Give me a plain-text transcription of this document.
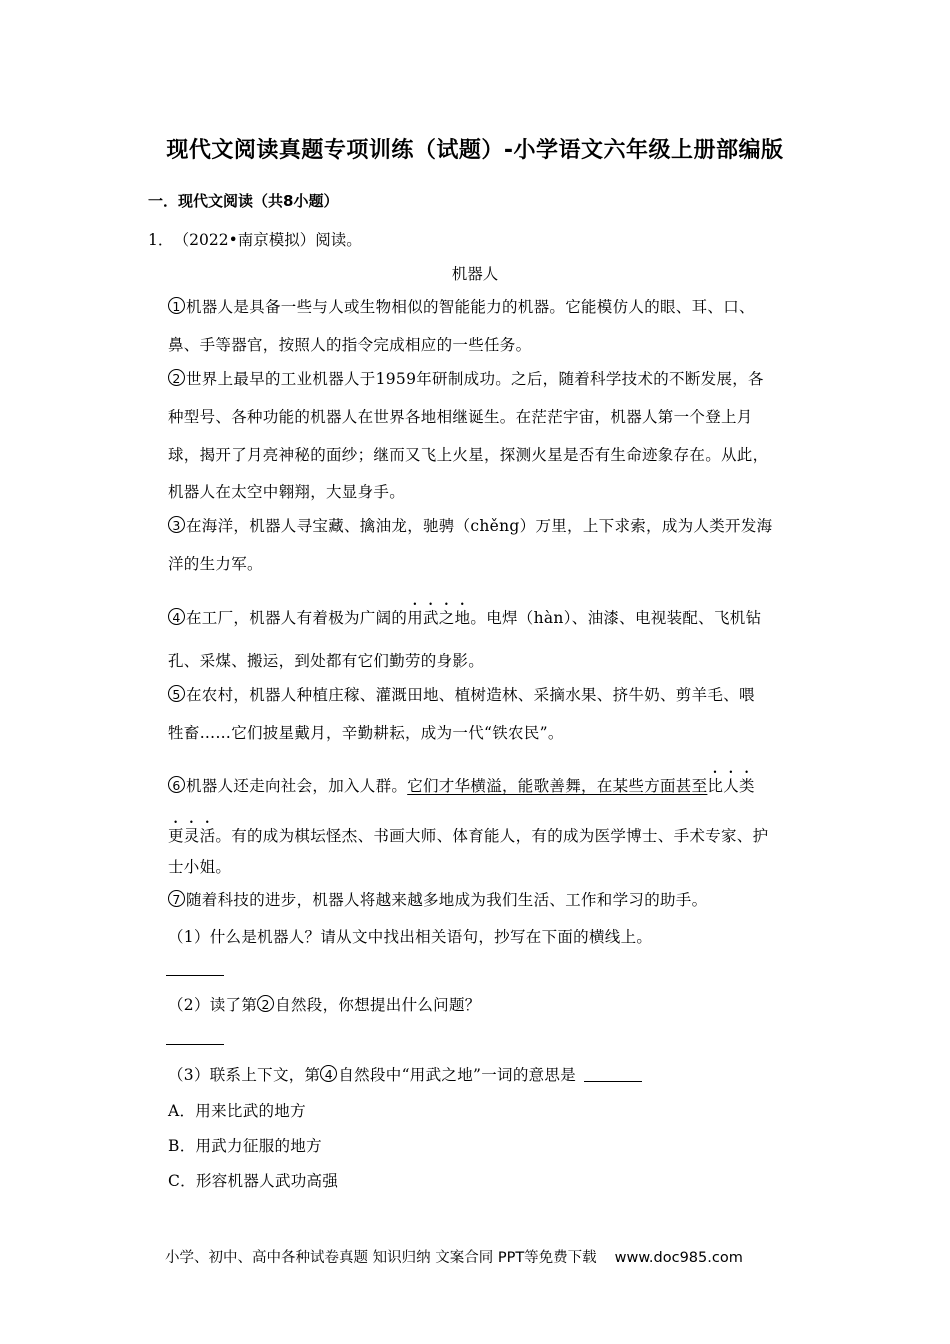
现代文阅读真题专项训练（试题）-小学语文六年级上册部编版
一．现代文阅读（共8小题）
1． （2022•南京模拟）阅读。
机器人
1 机器人是具备一些与人或生物相似的智能能力的机器。它能模仿人的眼、耳、口、
鼻、手等器官，按照人的指令完成相应的一些任务。
2 世界上最早的工业机器人于1959年研制成功。之后，随着科学技术的不断发展，各
种型号、各种功能的机器人在世界各地相继诞生。在茫茫宇宙，机器人第一个登上月
球，揭开了月亮神秘的面纱；继而又飞上火星，探测火星是否有生命迹象存在。从此，
机器人在太空中翱翔，大显身手。
3 在海洋，机器人寻宝藏、擒油龙，驰骋（chěng）万里，上下求索，成为人类开发海
洋的生力军。
4 在工厂，机器人有着极为广阔的用武之地。电焊（hàn）、油漆、电视装配、飞机钻
孔、采煤、搬运，到处都有它们勤劳的身影。
5 在农村，机器人种植庄稼、灌溉田地、植树造林、采摘水果、挤牛奶、剪羊毛、喂
牲畜……它们披星戴月，辛勤耕耘，成为一代“铁农民”。
6 机器人还走向社会，加入人群。它们才华横溢，能歌善舞，在某些方面甚至比人类
更灵活。有的成为棋坛怪杰、书画大师、体育能人，有的成为医学博士、手术专家、护
士小姐。
7 随着科技的进步，机器人将越来越多地成为我们生活、工作和学习的助手。
（1）什么是机器人？请从文中找出相关语句，抄写在下面的横线上。
（2）读了第 2 自然段，你想提出什么问题？
（3）联系上下文，第 4 自然段中“用武之地”一词的意思是
A．用来比武的地方
B．用武力征服的地方
C．形容机器人武功高强
小学、初中、高中各种试卷真题 知识归纳 文案合同 PPT等免费下载 www.doc985.com
